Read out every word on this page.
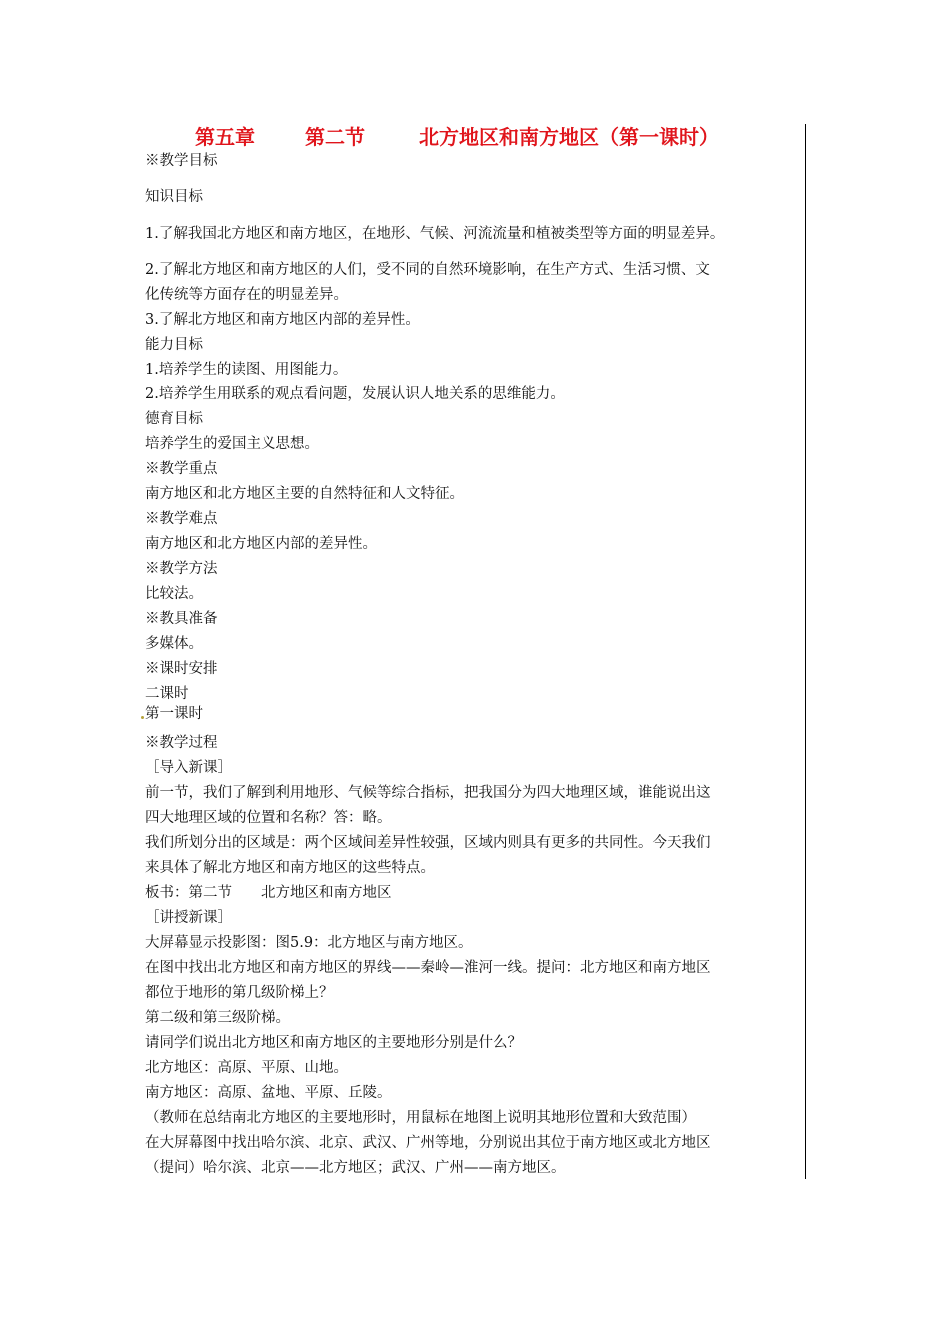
第五章	第二节	北方地区和南方地区（第一课时）
※教学目标
知识目标
1.了解我国北方地区和南方地区，在地形、气候、河流流量和植被类型等方面的明显差异。
2.了解北方地区和南方地区的人们，受不同的自然环境影响，在生产方式、生活习惯、文
化传统等方面存在的明显差异。
3.了解北方地区和南方地区内部的差异性。
能力目标
1.培养学生的读图、用图能力。
2.培养学生用联系的观点看问题，发展认识人地关系的思维能力。
德育目标
培养学生的爱国主义思想。
※教学重点
南方地区和北方地区主要的自然特征和人文特征。
※教学难点
南方地区和北方地区内部的差异性。
※教学方法
比较法。
※教具准备
多媒体。
※课时安排
二课时
第一课时
※教学过程
［导入新课］
前一节，我们了解到利用地形、气候等综合指标，把我国分为四大地理区域，谁能说出这
四大地理区域的位置和名称？答：略。
我们所划分出的区域是：两个区域间差异性较强，区域内则具有更多的共同性。今天我们
来具体了解北方地区和南方地区的这些特点。
板书：第二节　　北方地区和南方地区
［讲授新课］
大屏幕显示投影图：图5.9：北方地区与南方地区。
在图中找出北方地区和南方地区的界线——秦岭—淮河一线。提问：北方地区和南方地区
都位于地形的第几级阶梯上？
第二级和第三级阶梯。
请同学们说出北方地区和南方地区的主要地形分别是什么？
北方地区：高原、平原、山地。
南方地区：高原、盆地、平原、丘陵。
（教师在总结南北方地区的主要地形时，用鼠标在地图上说明其地形位置和大致范围）
在大屏幕图中找出哈尔滨、北京、武汉、广州等地，分别说出其位于南方地区或北方地区
（提问）哈尔滨、北京——北方地区；武汉、广州——南方地区。
